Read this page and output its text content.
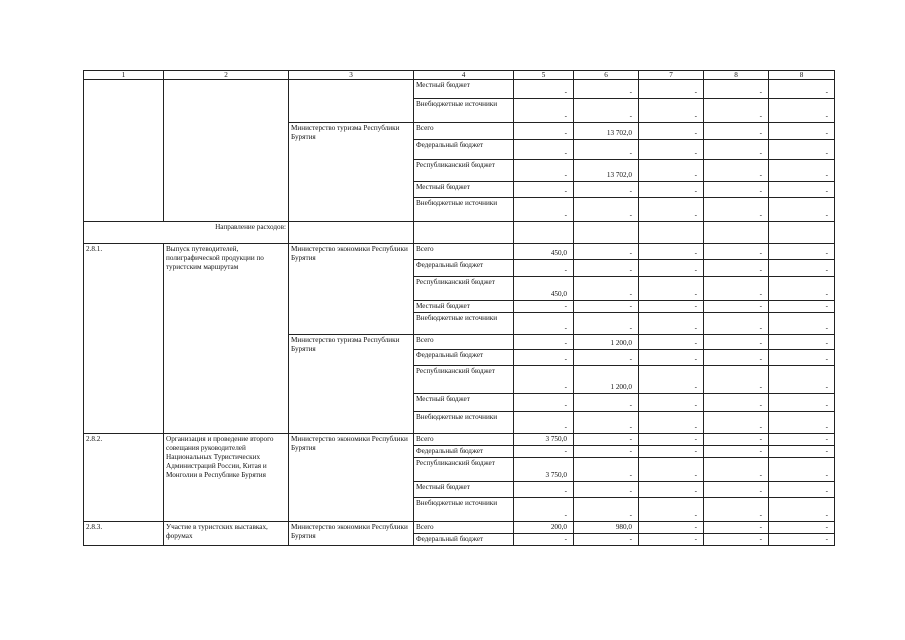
1	2	3	4	5	6	7	8	8
			Местный бюджет	-	-	-	-	-
			Внебюджетные источники	-	-	-	-	-
		Министерство туризма Республики Бурятия	Всего	-	13 702,0	-	-	-
			Федеральный бюджет	-	-	-	-	-
			Республиканский бюджет	-	13 702,0	-	-	-
			Местный бюджет	-	-	-	-	-
			Внебюджетные источники	-	-	-	-	-
Направление расходов:								
2.8.1.	Выпуск путеводителей, полиграфической продукции по туристским маршрутам	Министерство экономики Республики Бурятия	Всего	450,0	-	-	-	-
			Федеральный бюджет	-	-	-	-	-
			Республиканский бюджет	450,0	-	-	-	-
			Местный бюджет	-	-	-	-	-
			Внебюджетные источники	-	-	-	-	-
		Министерство туризма Республики Бурятия	Всего	-	1 200,0	-	-	-
			Федеральный бюджет	-	-	-	-	-
			Республиканский бюджет	-	1 200,0	-	-	-
			Местный бюджет	-	-	-	-	-
			Внебюджетные источники	-	-	-	-	-
2.8.2.	Организация и проведение второго совещания руководителей Национальных Туристических Администраций России, Китая и Монголии в Республике Бурятия	Министерство экономики Республики Бурятия	Всего	3 750,0	-	-	-	-
			Федеральный бюджет	-	-	-	-	-
			Республиканский бюджет	3 750,0	-	-	-	-
			Местный бюджет	-	-	-	-	-
			Внебюджетные источники	-	-	-	-	-
2.8.3.	Участие в туристских выставках, форумах	Министерство экономики Республики Бурятия	Всего	200,0	980,0	-	-	-
			Федеральный бюджет	-	-	-	-	-
